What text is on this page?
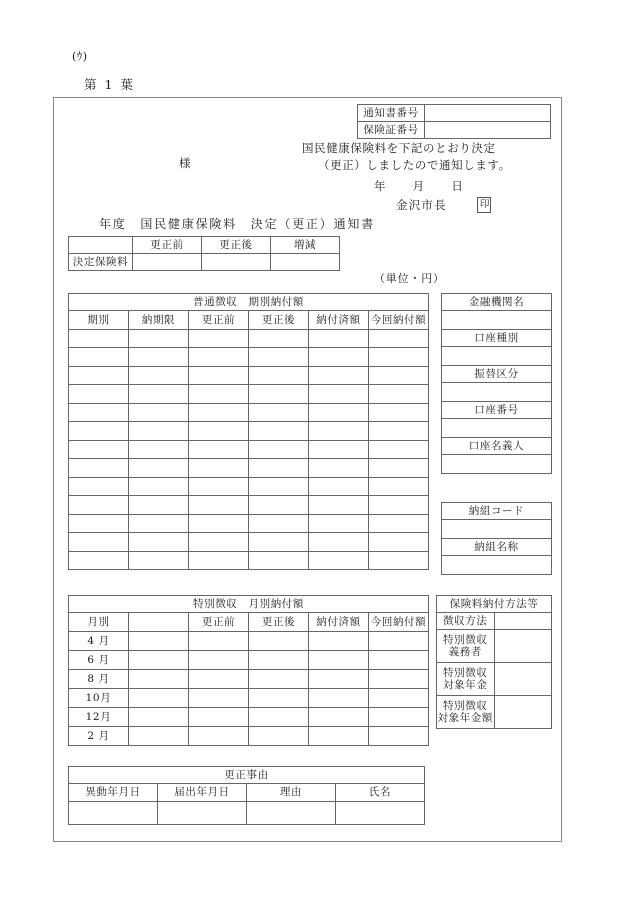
(ｳ)
第 1 葉
通知書番号	
保険証番号	
国民健康保険料を下記のとおり決定
（更正）しましたので通知します。
年 月 日
金沢市長	印
様
年度　国民健康保険料　決定（更正）通知書
	更正前	更正後	増減
決定保険料			
（単位・円）
普通徴収　期別納付額					
期別	納期限	更正前	更正後	納付済額	今回納付額

金融機関名

口座種別

振替区分

口座番号

口座名義人

納組コード

納組名称

特別徴収　月別納付額					
月別		更正前	更正後	納付済額	今回納付額
4 月					
6 月					
8 月					
10月					
12月					
2 月					
保険料納付方法等	
徴収方法	

特別徴収
義務者	

特別徴収
対象年金	

特別徴収
対象年金額	

更正事由			
異動年月日	届出年月日	理由	氏名
